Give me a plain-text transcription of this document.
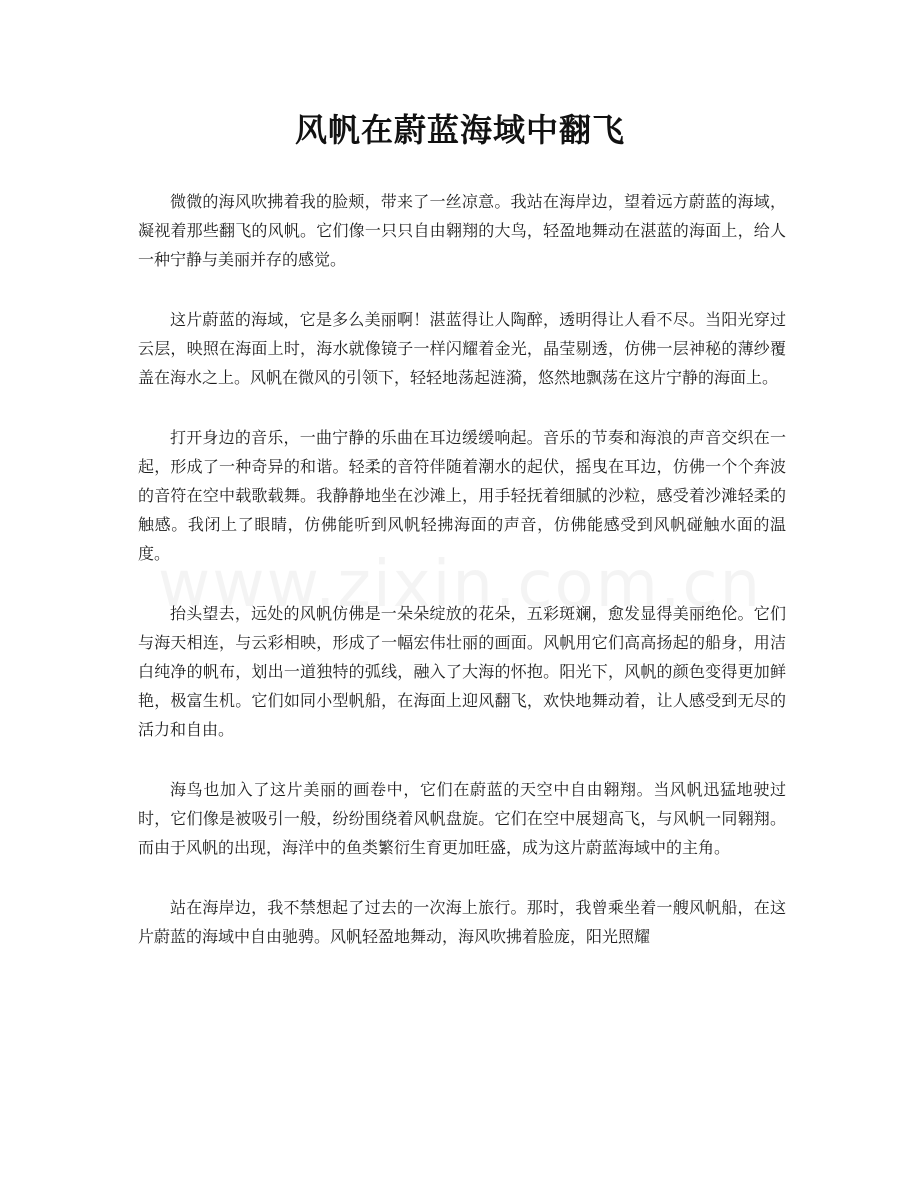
风帆在蔚蓝海域中翻飞

微微的海风吹拂着我的脸颊，带来了一丝凉意。我站在海岸边，望着远方蔚蓝的海域，凝视着那些翻飞的风帆。它们像一只只自由翱翔的大鸟，轻盈地舞动在湛蓝的海面上，给人一种宁静与美丽并存的感觉。

这片蔚蓝的海域，它是多么美丽啊！湛蓝得让人陶醉，透明得让人看不尽。当阳光穿过云层，映照在海面上时，海水就像镜子一样闪耀着金光，晶莹剔透，仿佛一层神秘的薄纱覆盖在海水之上。风帆在微风的引领下，轻轻地荡起涟漪，悠然地飘荡在这片宁静的海面上。

打开身边的音乐，一曲宁静的乐曲在耳边缓缓响起。音乐的节奏和海浪的声音交织在一起，形成了一种奇异的和谐。轻柔的音符伴随着潮水的起伏，摇曳在耳边，仿佛一个个奔波的音符在空中载歌载舞。我静静地坐在沙滩上，用手轻抚着细腻的沙粒，感受着沙滩轻柔的触感。我闭上了眼睛，仿佛能听到风帆轻拂海面的声音，仿佛能感受到风帆碰触水面的温度。

抬头望去，远处的风帆仿佛是一朵朵绽放的花朵，五彩斑斓，愈发显得美丽绝伦。它们与海天相连，与云彩相映，形成了一幅宏伟壮丽的画面。风帆用它们高高扬起的船身，用洁白纯净的帆布，划出一道独特的弧线，融入了大海的怀抱。阳光下，风帆的颜色变得更加鲜艳，极富生机。它们如同小型帆船，在海面上迎风翻飞，欢快地舞动着，让人感受到无尽的活力和自由。

海鸟也加入了这片美丽的画卷中，它们在蔚蓝的天空中自由翱翔。当风帆迅猛地驶过时，它们像是被吸引一般，纷纷围绕着风帆盘旋。它们在空中展翅高飞，与风帆一同翱翔。而由于风帆的出现，海洋中的鱼类繁衍生育更加旺盛，成为这片蔚蓝海域中的主角。

站在海岸边，我不禁想起了过去的一次海上旅行。那时，我曾乘坐着一艘风帆船，在这片蔚蓝的海域中自由驰骋。风帆轻盈地舞动，海风吹拂着脸庞，阳光照耀
